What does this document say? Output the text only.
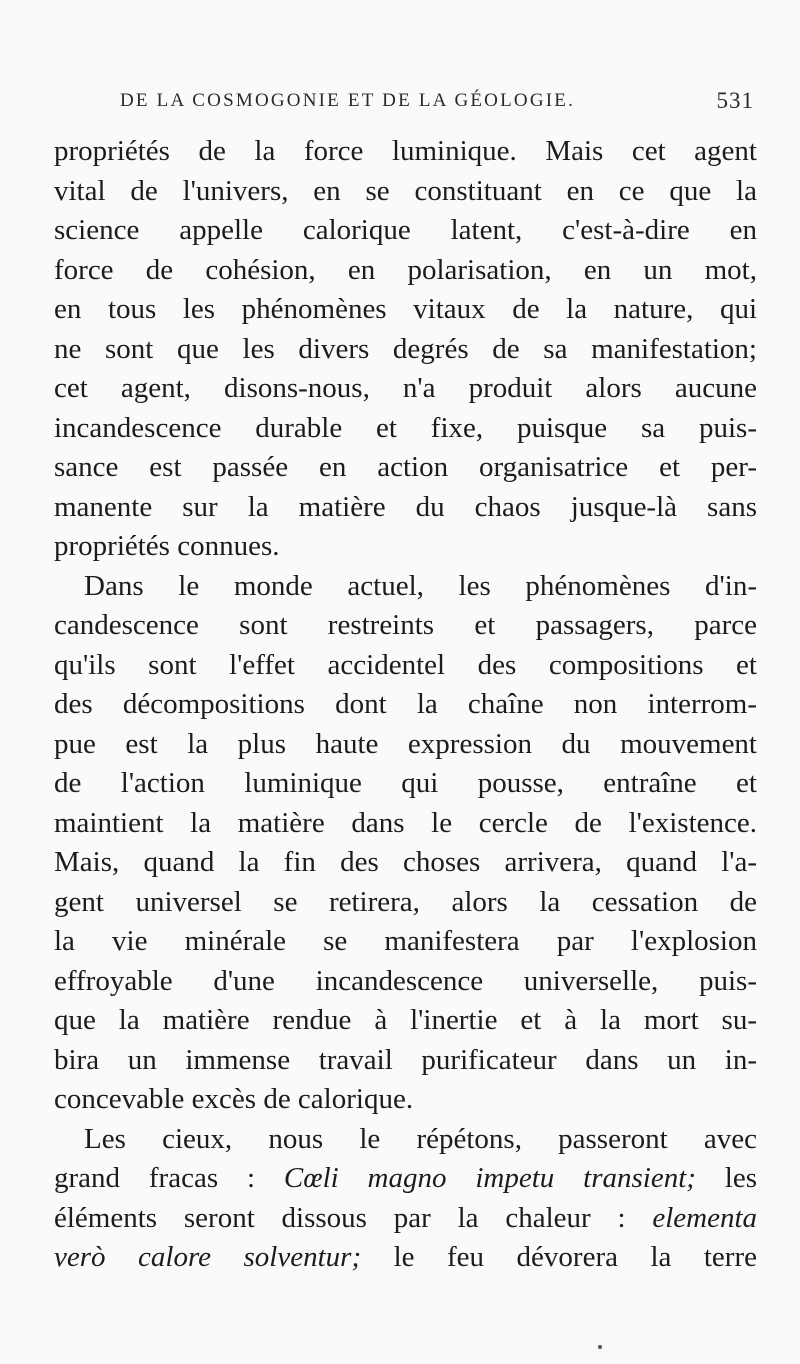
DE LA COSMOGONIE ET DE LA GÉOLOGIE.	531
propriétés de la force luminique. Mais cet agent
vital de l'univers, en se constituant en ce que la
science appelle calorique latent, c'est-à-dire en
force de cohésion, en polarisation, en un mot,
en tous les phénomènes vitaux de la nature, qui
ne sont que les divers degrés de sa manifestation;
cet agent, disons-nous, n'a produit alors aucune
incandescence durable et fixe, puisque sa puis-
sance est passée en action organisatrice et per-
manente sur la matière du chaos jusque-là sans
propriétés connues.
Dans le monde actuel, les phénomènes d'in-
candescence sont restreints et passagers, parce
qu'ils sont l'effet accidentel des compositions et
des décompositions dont la chaîne non interrom-
pue est la plus haute expression du mouvement
de l'action luminique qui pousse, entraîne et
maintient la matière dans le cercle de l'existence.
Mais, quand la fin des choses arrivera, quand l'a-
gent universel se retirera, alors la cessation de
la vie minérale se manifestera par l'explosion
effroyable d'une incandescence universelle, puis-
que la matière rendue à l'inertie et à la mort su-
bira un immense travail purificateur dans un in-
concevable excès de calorique.
Les cieux, nous le répétons, passeront avec
grand fracas : Cœli magno impetu transient; les
éléments seront dissous par la chaleur : elementa
verò calore solventur; le feu dévorera la terre
